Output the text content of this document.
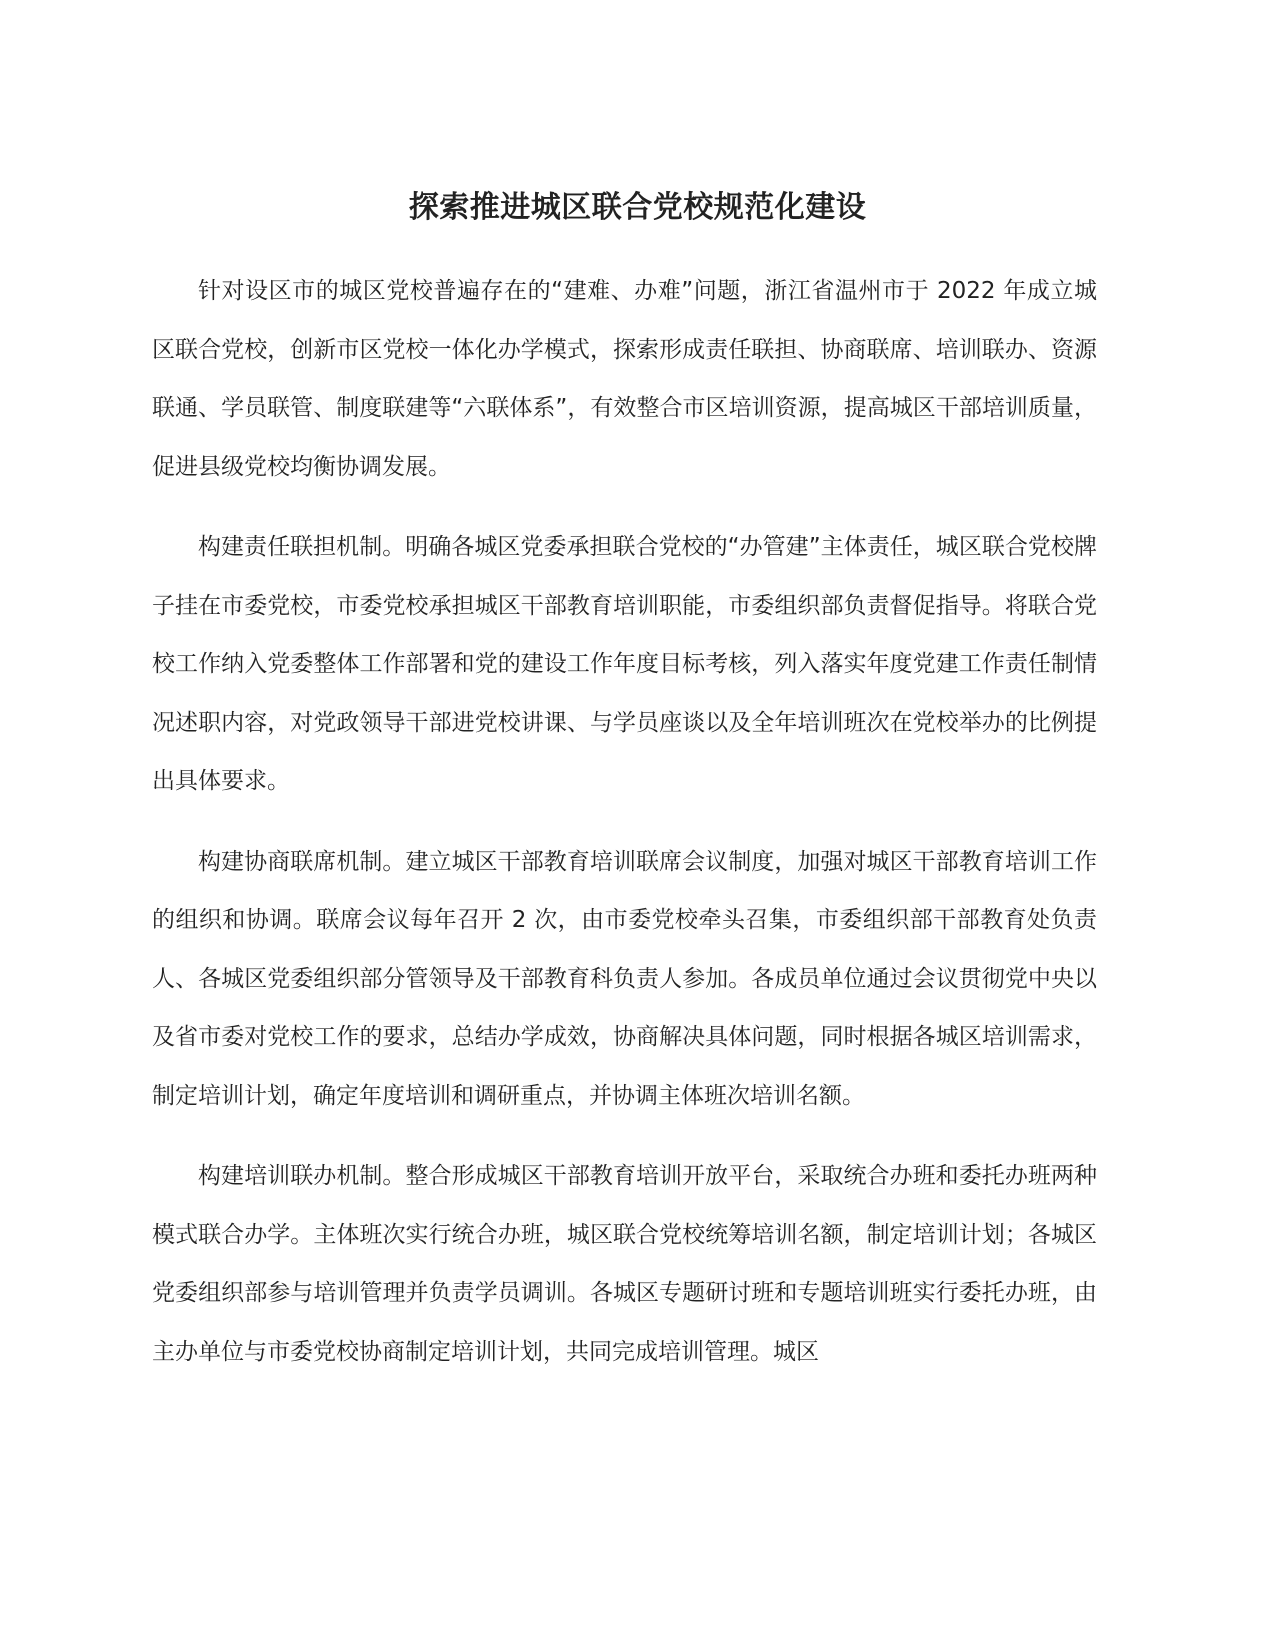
探索推进城区联合党校规范化建设

针对设区市的城区党校普遍存在的“建难、办难”问题，浙江省温州市于 2022 年成立城区联合党校，创新市区党校一体化办学模式，探索形成责任联担、协商联席、培训联办、资源联通、学员联管、制度联建等“六联体系”，有效整合市区培训资源，提高城区干部培训质量，促进县级党校均衡协调发展。

构建责任联担机制。明确各城区党委承担联合党校的“办管建”主体责任，城区联合党校牌子挂在市委党校，市委党校承担城区干部教育培训职能，市委组织部负责督促指导。将联合党校工作纳入党委整体工作部署和党的建设工作年度目标考核，列入落实年度党建工作责任制情况述职内容，对党政领导干部进党校讲课、与学员座谈以及全年培训班次在党校举办的比例提出具体要求。

构建协商联席机制。建立城区干部教育培训联席会议制度，加强对城区干部教育培训工作的组织和协调。联席会议每年召开 2 次，由市委党校牵头召集，市委组织部干部教育处负责人、各城区党委组织部分管领导及干部教育科负责人参加。各成员单位通过会议贯彻党中央以及省市委对党校工作的要求，总结办学成效，协商解决具体问题，同时根据各城区培训需求，制定培训计划，确定年度培训和调研重点，并协调主体班次培训名额。

构建培训联办机制。整合形成城区干部教育培训开放平台，采取统合办班和委托办班两种模式联合办学。主体班次实行统合办班，城区联合党校统筹培训名额，制定培训计划；各城区党委组织部参与培训管理并负责学员调训。各城区专题研讨班和专题培训班实行委托办班，由主办单位与市委党校协商制定培训计划，共同完成培训管理。城区
